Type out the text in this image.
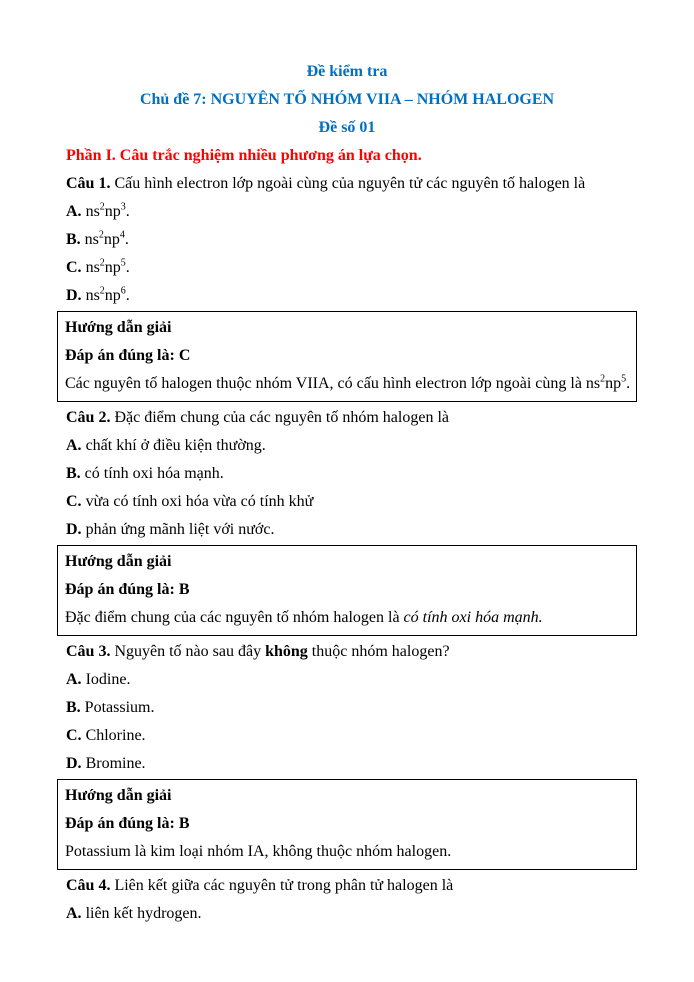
Đề kiểm tra

Chủ đề 7: NGUYÊN TỐ NHÓM VIIA – NHÓM HALOGEN

Đề số 01

Phần I. Câu trắc nghiệm nhiều phương án lựa chọn.

Câu 1. Cấu hình electron lớp ngoài cùng của nguyên tử các nguyên tố halogen là

A. $ns^2np^3$.

B. $ns^2np^4$.

C. $ns^2np^5$.

D. $ns^2np^6$.

Hướng dẫn giải

Đáp án đúng là: C

Các nguyên tố halogen thuộc nhóm VIIA, có cấu hình electron lớp ngoài cùng là $ns^2np^5$.

Câu 2. Đặc điểm chung của các nguyên tố nhóm halogen là

A. chất khí ở điều kiện thường.

B. có tính oxi hóa mạnh.

C. vừa có tính oxi hóa vừa có tính khử

D. phản ứng mãnh liệt với nước.

Hướng dẫn giải

Đáp án đúng là: B

Đặc điểm chung của các nguyên tố nhóm halogen là có tính oxi hóa mạnh.

Câu 3. Nguyên tố nào sau đây không thuộc nhóm halogen?

A. Iodine.

B. Potassium.

C. Chlorine.

D. Bromine.

Hướng dẫn giải

Đáp án đúng là: B

Potassium là kim loại nhóm IA, không thuộc nhóm halogen.

Câu 4. Liên kết giữa các nguyên tử trong phân tử halogen là

A. liên kết hydrogen.
